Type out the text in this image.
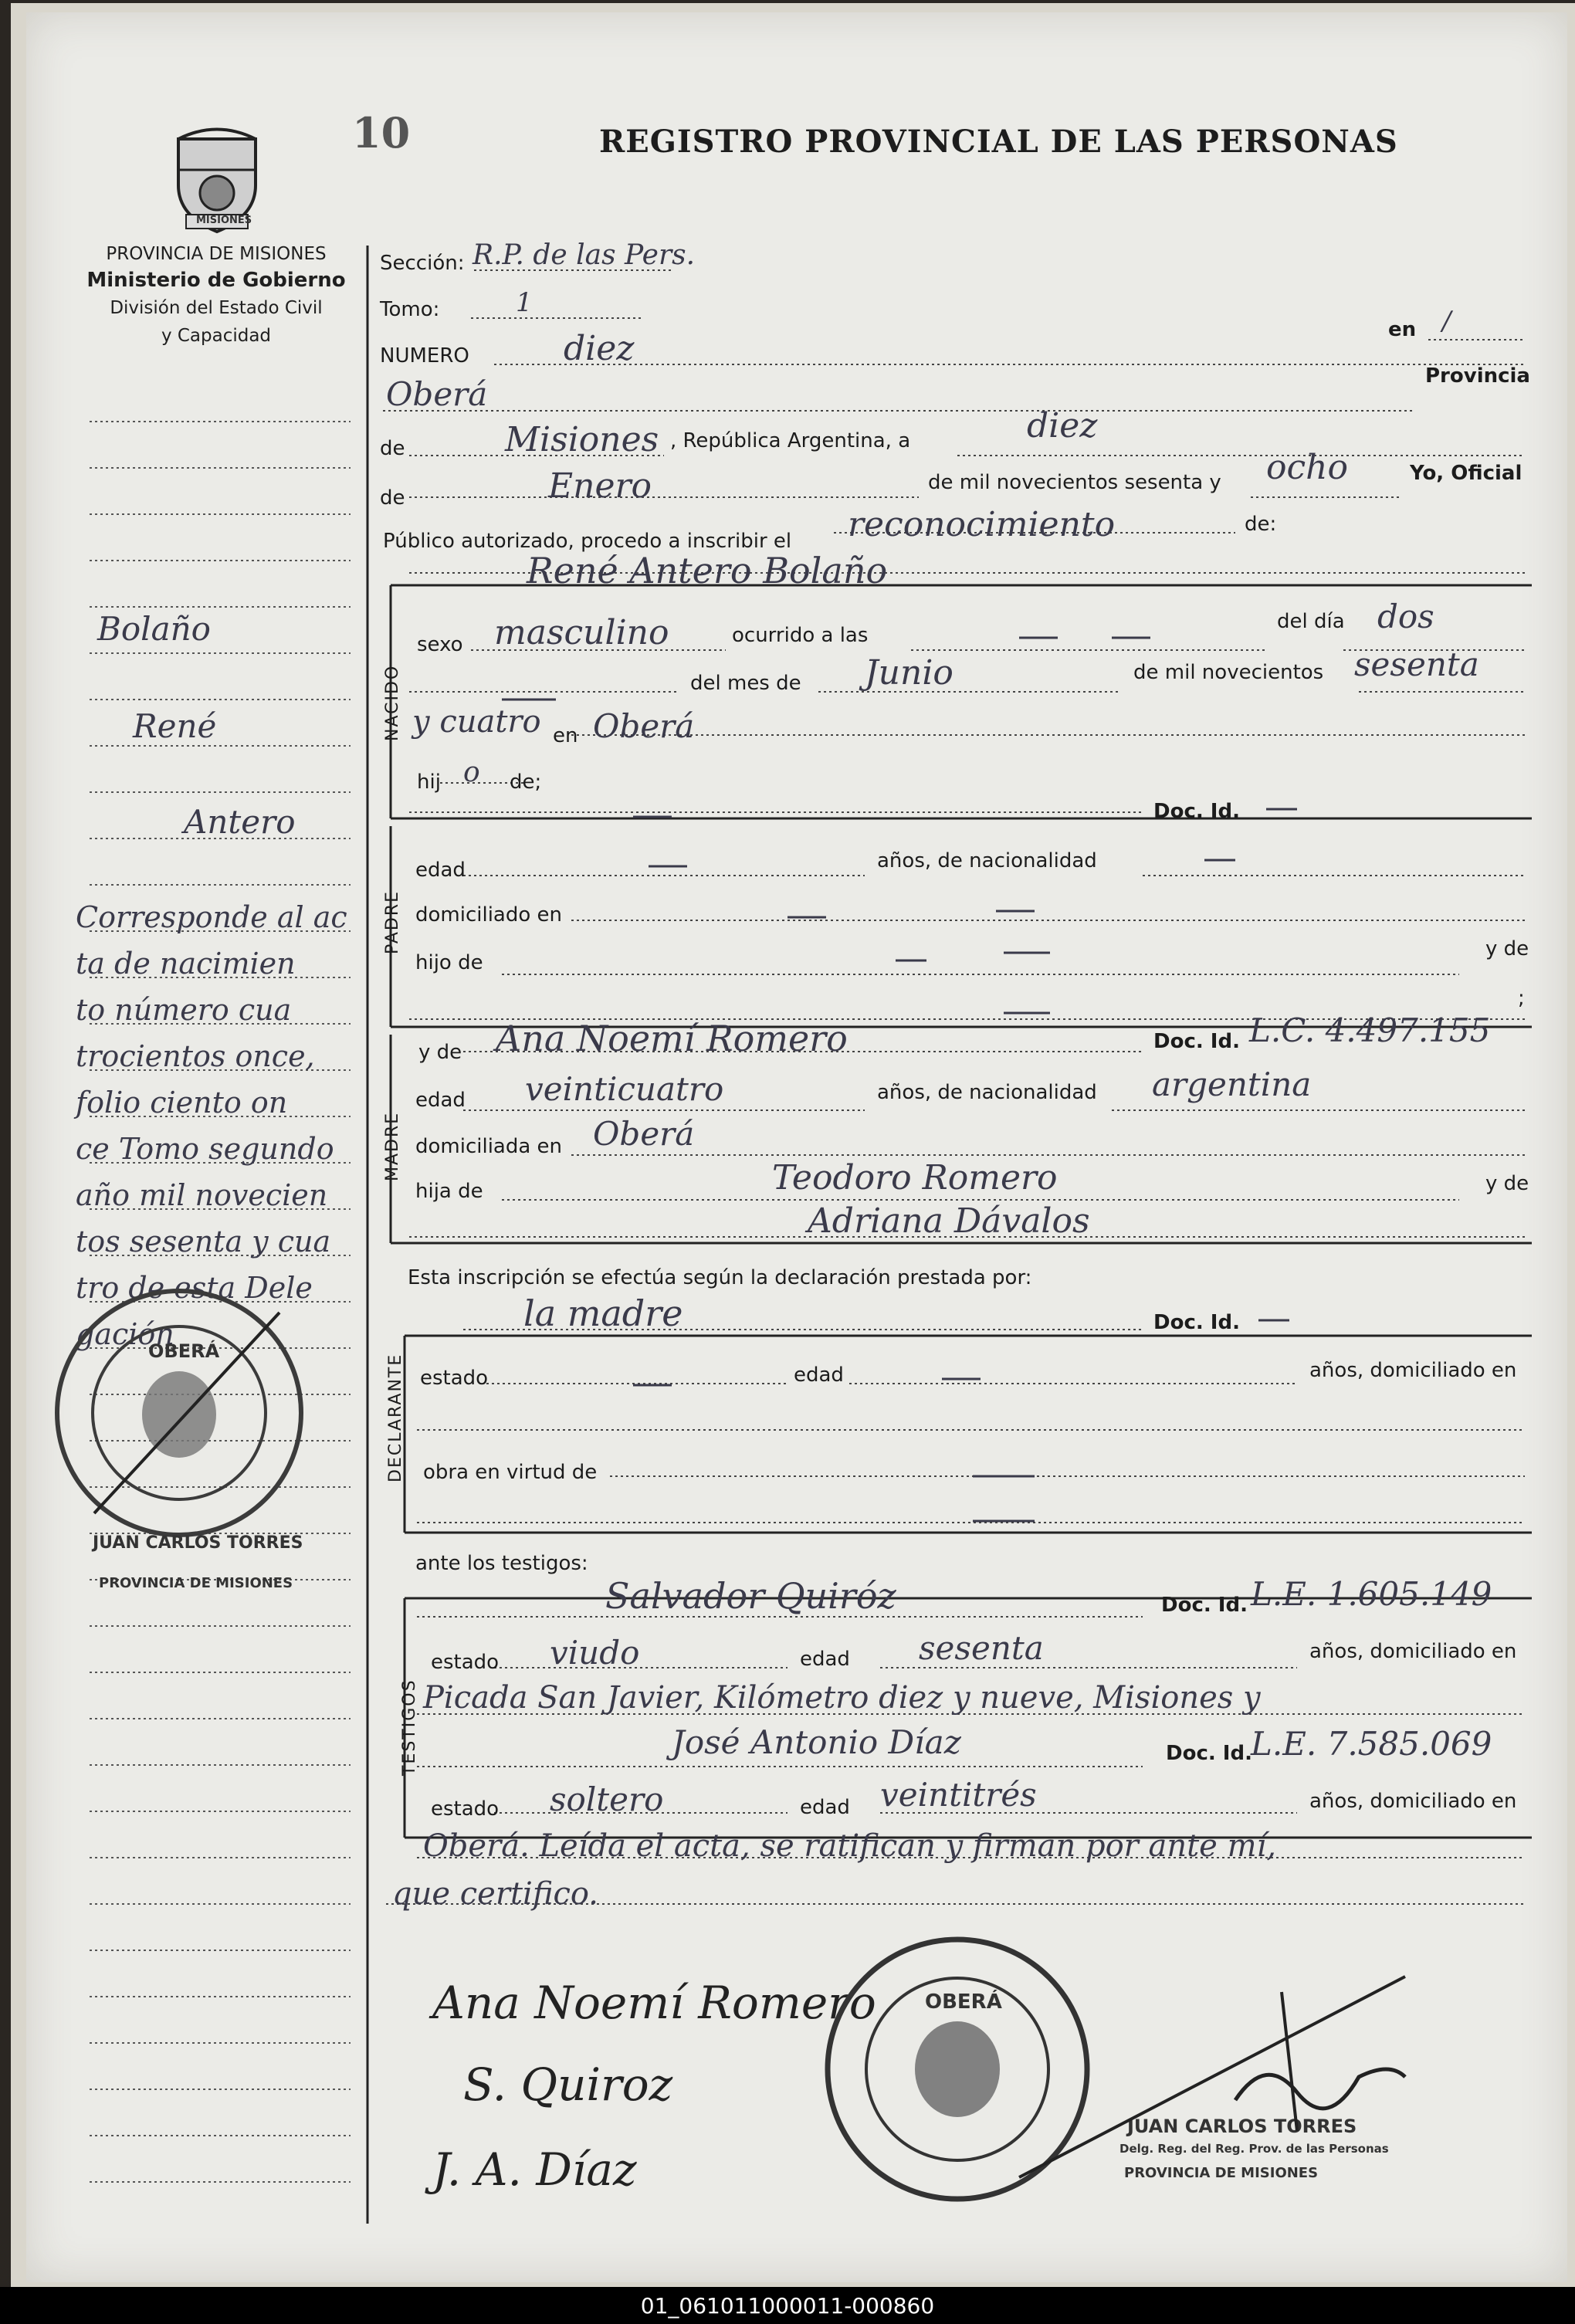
10	REGISTRO PROVINCIAL DE LAS PERSONAS
MISIONES
PROVINCIA DE MISIONES
Ministerio de Gobierno
División del Estado Civil
y Capacidad
Bolaño
René
Antero
Corresponde al ac
ta de nacimien
to número cua
trocientos once,
folio ciento on
ce Tomo segundo
año mil novecien
tos sesenta y cua
tro de esta Dele
gación
OBERÁ
JUAN CARLOS TORRES
PROVINCIA DE MISIONES
Sección: R.P. de las Pers.
Tomo:	1
en /
NUMERO	diez
Oberá	Provincia
de	Misiones , República Argentina, a	diez
de	Enero	de mil novecientos sesenta y ocho	Yo, Oficial
Público autorizado, procedo a inscribir el reconocimiento	de:
René Antero Bolaño
NACIDO
sexo masculino	ocurrido a las
del día dos
del mes de Junio	de mil novecientos sesenta
y cuatro en Oberá
hij o de;
Doc. Id.
PADRE
edad	años, de nacionalidad
domiciliado en
hijo de
y de
;
y de Ana Noemí Romero	Doc. Id. L.C. 4.497.155
MADRE
edad veinticuatro	años, de nacionalidad argentina
domiciliada en Oberá
hija de	Teodoro Romero	y de
Adriana Dávalos
Esta inscripción se efectúa según la declaración prestada por:
la madre	Doc. Id.
DECLARANTE estado	edad	años, domiciliado en
obra en virtud de
ante los testigos:
Salvador Quiróz	Doc. Id. L.E. 1.605.149
TESTIGOS
estado viudo	edad sesenta	años, domiciliado en
Picada San Javier, Kilómetro diez y nueve, Misiones y
José Antonio Díaz	Doc. Id.
L.E. 7.585.069
estado soltero	edad veintitrés	años, domiciliado en
Oberá. Leída el acta, se ratifican y firman por ante mí,
que certifico.
Ana Noemí Romero
S. Quiroz
J. A. Díaz
OBERÁ
JUAN CARLOS TORRES
Delg. Reg. del Reg. Prov. de las Personas
PROVINCIA DE MISIONES
01_061011000011-000860
